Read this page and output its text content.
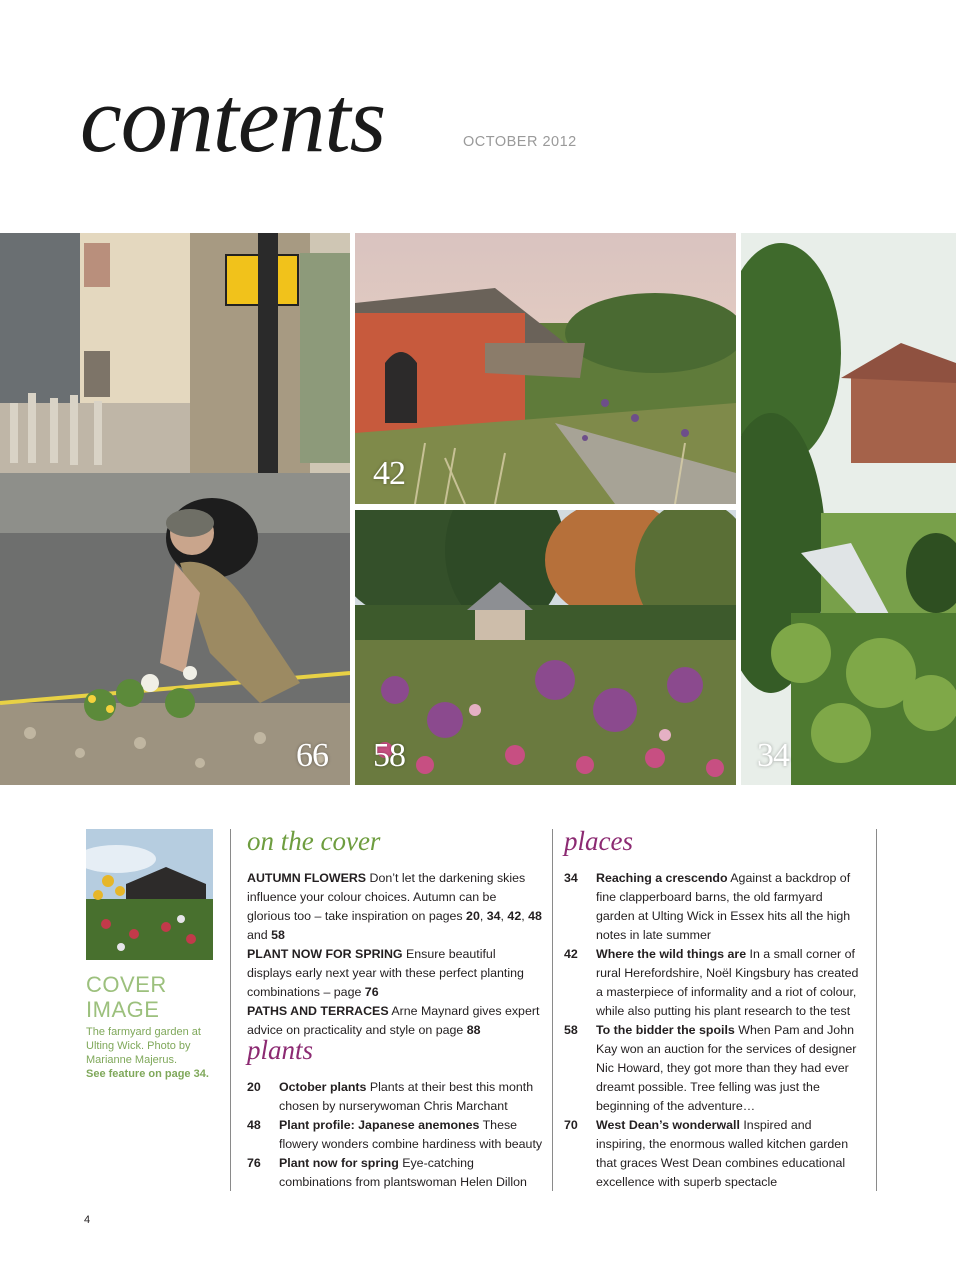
contents	OCTOBER 2012
66
42
58	34
COVER
IMAGE
The farmyard garden at Ulting Wick. Photo by Marianne Majerus.
See feature on page 34.
on the cover

AUTUMN FLOWERS Don’t let the darkening skies influence your colour choices. Autumn can be glorious too – take inspiration on pages 20, 34, 42, 48 and 58

PLANT NOW FOR SPRING Ensure beautiful displays early next year with these perfect planting combinations – page 76

PATHS AND TERRACES Arne Maynard gives expert advice on practicality and style on page 88

plants
20	October plants Plants at their best this month chosen by nurserywoman Chris Marchant
48	Plant profile: Japanese anemones These flowery wonders combine hardiness with beauty
76	Plant now for spring Eye-catching combinations from plantswoman Helen Dillon
places
34	Reaching a crescendo Against a backdrop of fine clapperboard barns, the old farmyard garden at Ulting Wick in Essex hits all the high notes in late summer
42	Where the wild things are In a small corner of rural Herefordshire, Noël Kingsbury has created a masterpiece of informality and a riot of colour, while also putting his plant research to the test
58	To the bidder the spoils When Pam and John Kay won an auction for the services of designer Nic Howard, they got more than they had ever dreamt possible. Tree felling was just the beginning of the adventure…
70	West Dean’s wonderwall Inspired and inspiring, the enormous walled kitchen garden that graces West Dean combines educational excellence with superb spectacle
4
